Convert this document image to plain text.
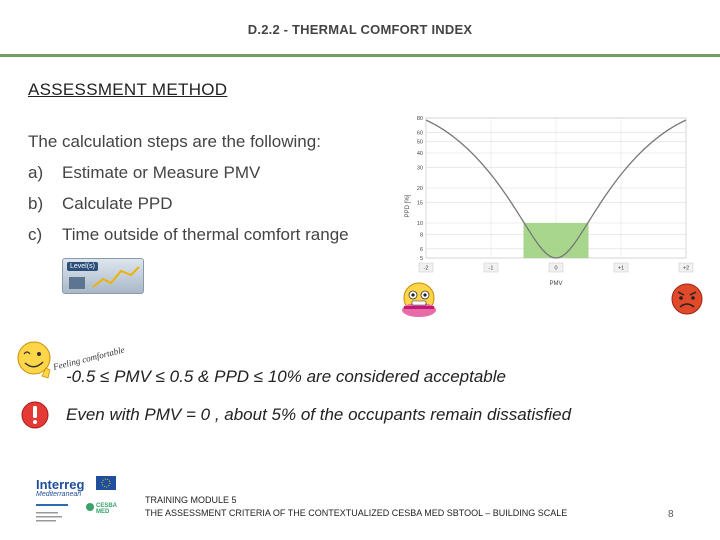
D.2.2 - THERMAL COMFORT INDEX
ASSESSMENT METHOD
The calculation steps are the following:
a)	Estimate or Measure PMV
b)	Calculate PPD
c)	Time outside of thermal comfort range
Level(s)
PPD [%]
5
6
8
10
15
20
30
40
50
60
80
-2	-1	0	+1	+2
PMV
Feeling comfortable
-0.5 ≤ PMV ≤ 0.5 & PPD ≤ 10% are considered acceptable
Even with PMV = 0 , about 5% of the occupants remain dissatisfied
Interreg
Mediterranean
CESBA MED
TRAINING MODULE 5
THE ASSESSMENT CRITERIA OF THE CONTEXTUALIZED CESBA MED SBTOOL – BUILDING SCALE	8
